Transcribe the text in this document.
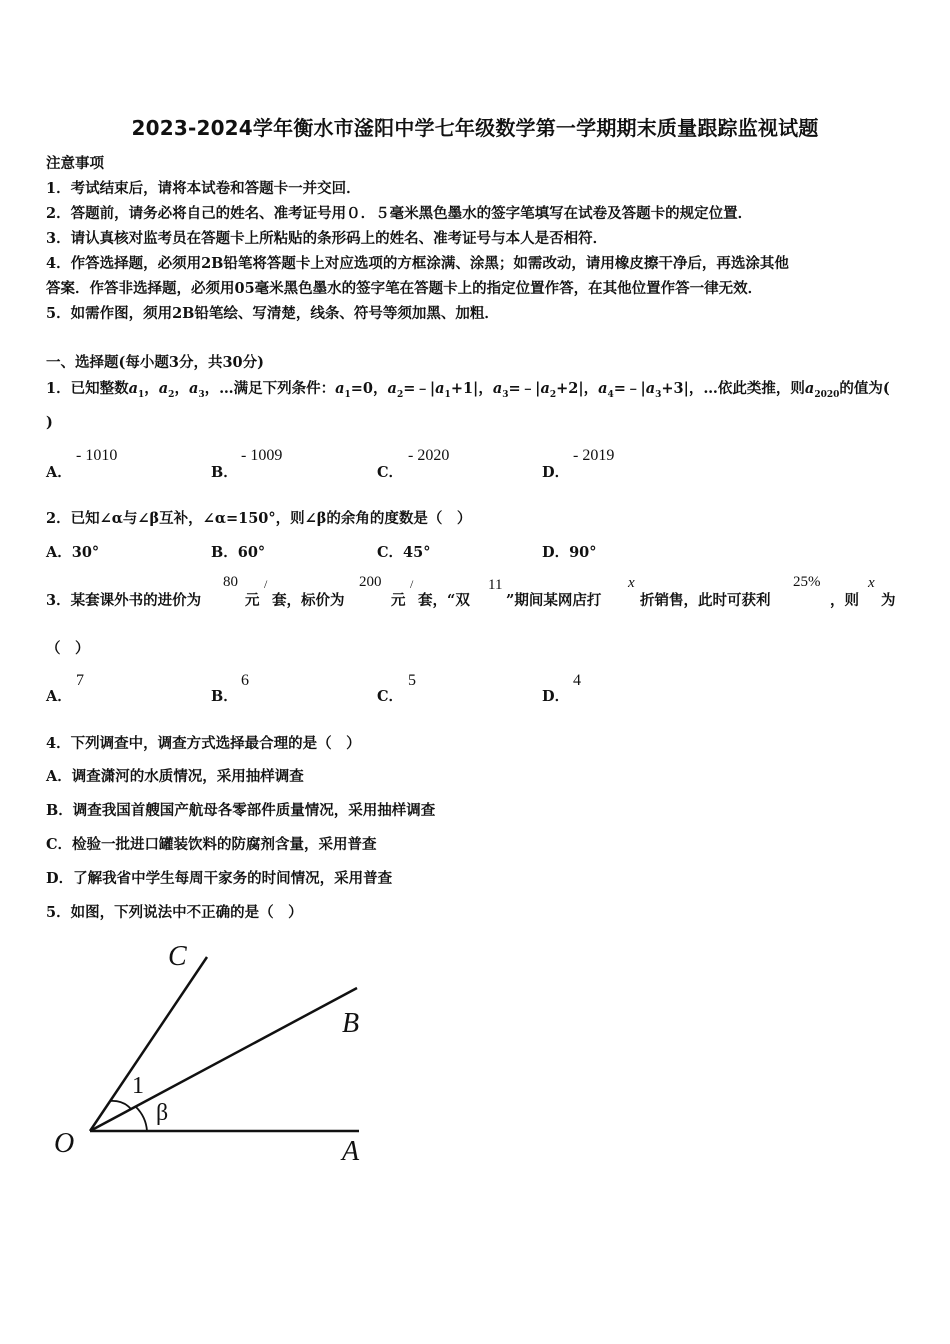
2023-2024学年衡水市滏阳中学七年级数学第一学期期末质量跟踪监视试题
注意事项
1．考试结束后，请将本试卷和答题卡一并交回．
2．答题前，请务必将自己的姓名、准考证号用０．５毫米黑色墨水的签字笔填写在试卷及答题卡的规定位置．
3．请认真核对监考员在答题卡上所粘贴的条形码上的姓名、准考证号与本人是否相符．
4．作答选择题，必须用2B铅笔将答题卡上对应选项的方框涂满、涂黑；如需改动，请用橡皮擦干净后，再选涂其他
答案．作答非选择题，必须用05毫米黑色墨水的签字笔在答题卡上的指定位置作答，在其他位置作答一律无效．
5．如需作图，须用2B铅笔绘、写清楚，线条、符号等须加黑、加粗．
一、选择题(每小题3分，共30分)
1．已知整数$a_1$，$a_2$，$a_3$，…满足下列条件：$a_1=0$，$a_2=﹣|a_1+1|$，$a_3=﹣|a_2+2|$，$a_4=﹣|a_3+3|$，…依此类推，则$a_{2020}$的值为(
)
A．
- 1010
B．
- 1009
C．
- 2020
D．
- 2019
2．已知∠α与∠β互补，∠α=150°，则∠β的余角的度数是（　）
A．30°	B．60°	C．45°	D．90°
3．某套课外书的进价为
80
元
/
套，标价为
200
元
/
套，“双
11
”期间某网店打
x
折销售，此时可获利
25%
，则
x
为
（　）
A．
7
B．
6
C．
5
D．
4
4．下列调查中，调查方式选择最合理的是（　）
A．调查潇河的水质情况，采用抽样调查
B．调查我国首艘国产航母各零部件质量情况，采用抽样调查
C．检验一批进口罐装饮料的防腐剂含量，采用普查
D．了解我省中学生每周干家务的时间情况，采用普查
5．如图，下列说法中不正确的是（　）
C
B
O	A
1
β
